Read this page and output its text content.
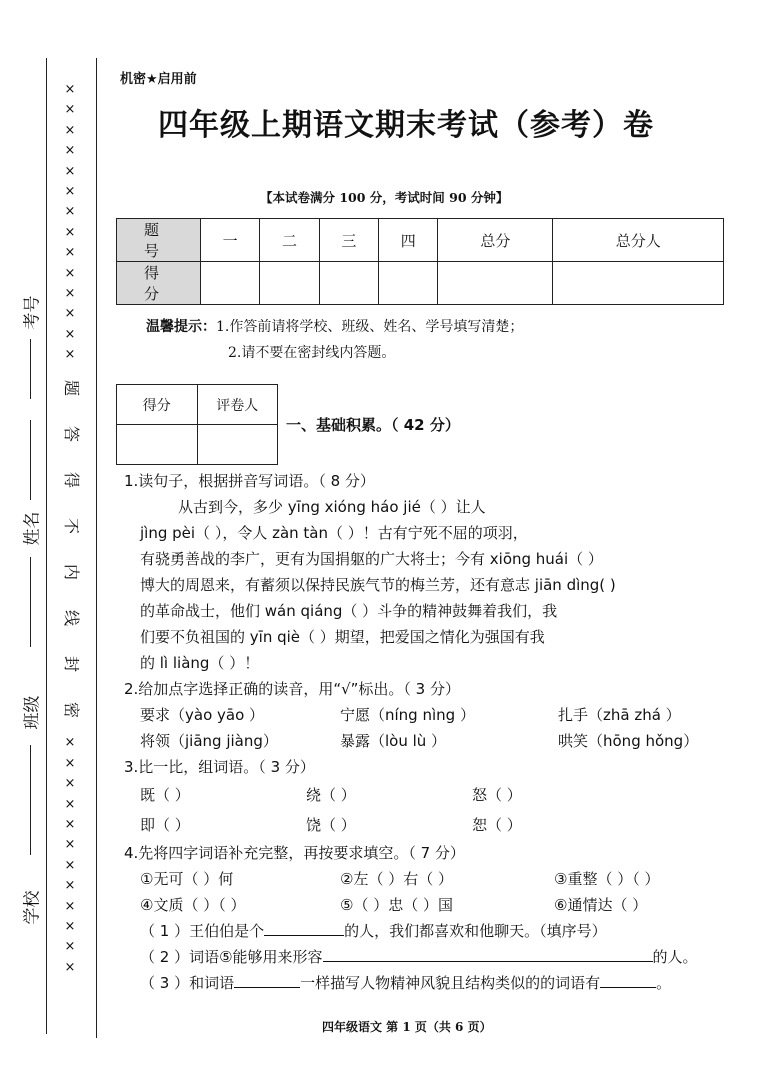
×
×
×
×
×
×
×
×
×
×
×
×
×
×
题
答
得
不
内
线
封
密
×
×
×
×
×
×
×
×
×
×
×
×
考号
姓名
班级
学校
机密★启用前
四年级上期语文期末考试（参考）卷
【本试卷满分 100 分，考试时间 90 分钟】
题　号	一	二	三	四	总分	总分人
得　分						
温馨提示：1.作答前请将学校、班级、姓名、学号填写清楚；
2.请不要在密封线内答题。
得分	评卷人

一、基础积累。（ 42 分）
1.读句子，根据拼音写词语。（ 8 分）
从古到今，多少 yīng xióng háo jié（ ）让人
jìng pèi（ ），令人 zàn tàn（ ）！古有宁死不屈的项羽，
有骁勇善战的李广，更有为国捐躯的广大将士；今有 xiōng huái（ ）
博大的周恩来，有蓄须以保持民族气节的梅兰芳，还有意志 jiān dìng( )
的革命战士，他们 wán qiáng（ ）斗争的精神鼓舞着我们，我
们要不负祖国的 yīn qiè（ ）期望，把爱国之情化为强国有我
的 lì liàng（ ）！
2.给加点字选择正确的读音，用“√”标出。（ 3 分）
要求（yào yāo ）	宁愿（níng nìng ）	扎手（zhā zhá ）
将领（jiāng jiàng）	暴露（lòu lù ）	哄笑（hōng hǒng）
3.比一比，组词语。（ 3 分）
既（ ）	绕（ ）	怒（ ）
即（ ）	饶（ ）	恕（ ）
4.先将四字词语补充完整，再按要求填空。（ 7 分）
①无可（ ）何	②左（ ）右（ ）	③重整（ ）（ ）
④文质（ ）（ ）	⑤（ ）忠（ ）国	⑥通情达（ ）
（ 1 ）王伯伯是个	的人，我们都喜欢和他聊天。（填序号）
（ 2 ）词语⑤能够用来形容	的人。
（ 3 ）和词语	一样描写人物精神风貌且结构类似的的词语有	。
四年级语文 第 1 页（共 6 页）
